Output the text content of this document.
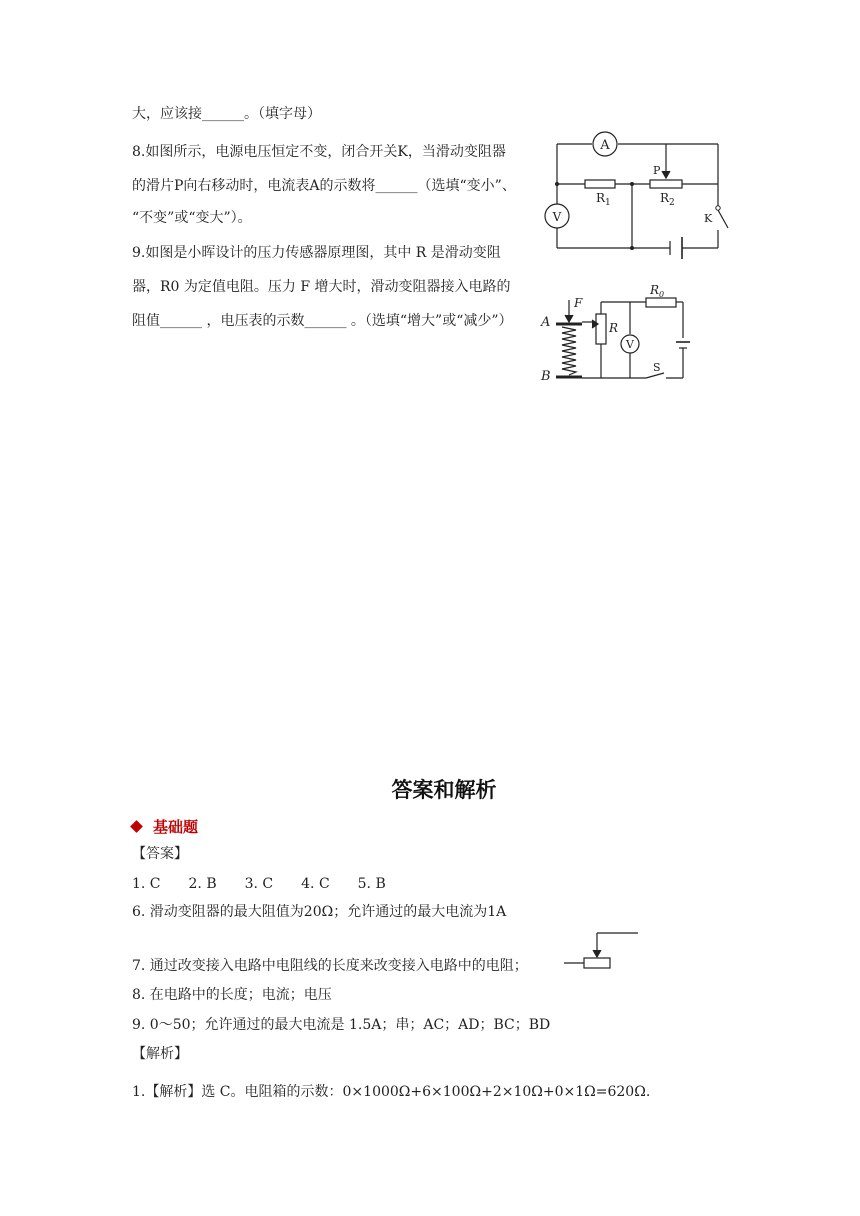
大，应该接______。（填字母）
8.如图所示，电源电压恒定不变，闭合开关K，当滑动变阻器
的滑片P向右移动时，电流表A的示数将______（选填“变小”、
“不变”或“变大”）。
9.如图是小晖设计的压力传感器原理图，其中 R 是滑动变阻
器，R0 为定值电阻。压力 F 增大时，滑动变阻器接入电路的
阻值______ ，电压表的示数______ 。（选填“增大”或“减少”）
A
V
P
$R_1$	$R_2$
K
F
A
B
R
$R_0$
V
S
答案和解析
基础题
【答案】
1. C　　2. B　　3. C　　4. C　　5. B
6. 滑动变阻器的最大阻值为20Ω；允许通过的最大电流为1A
7. 通过改变接入电路中电阻线的长度来改变接入电路中的电阻；
8. 在电路中的长度；电流；电压
9. 0～50；允许通过的最大电流是 1.5A；串；AC；AD；BC；BD
【解析】
1.【解析】选 C。电阻箱的示数：0×1000Ω+6×100Ω+2×10Ω+0×1Ω=620Ω.
